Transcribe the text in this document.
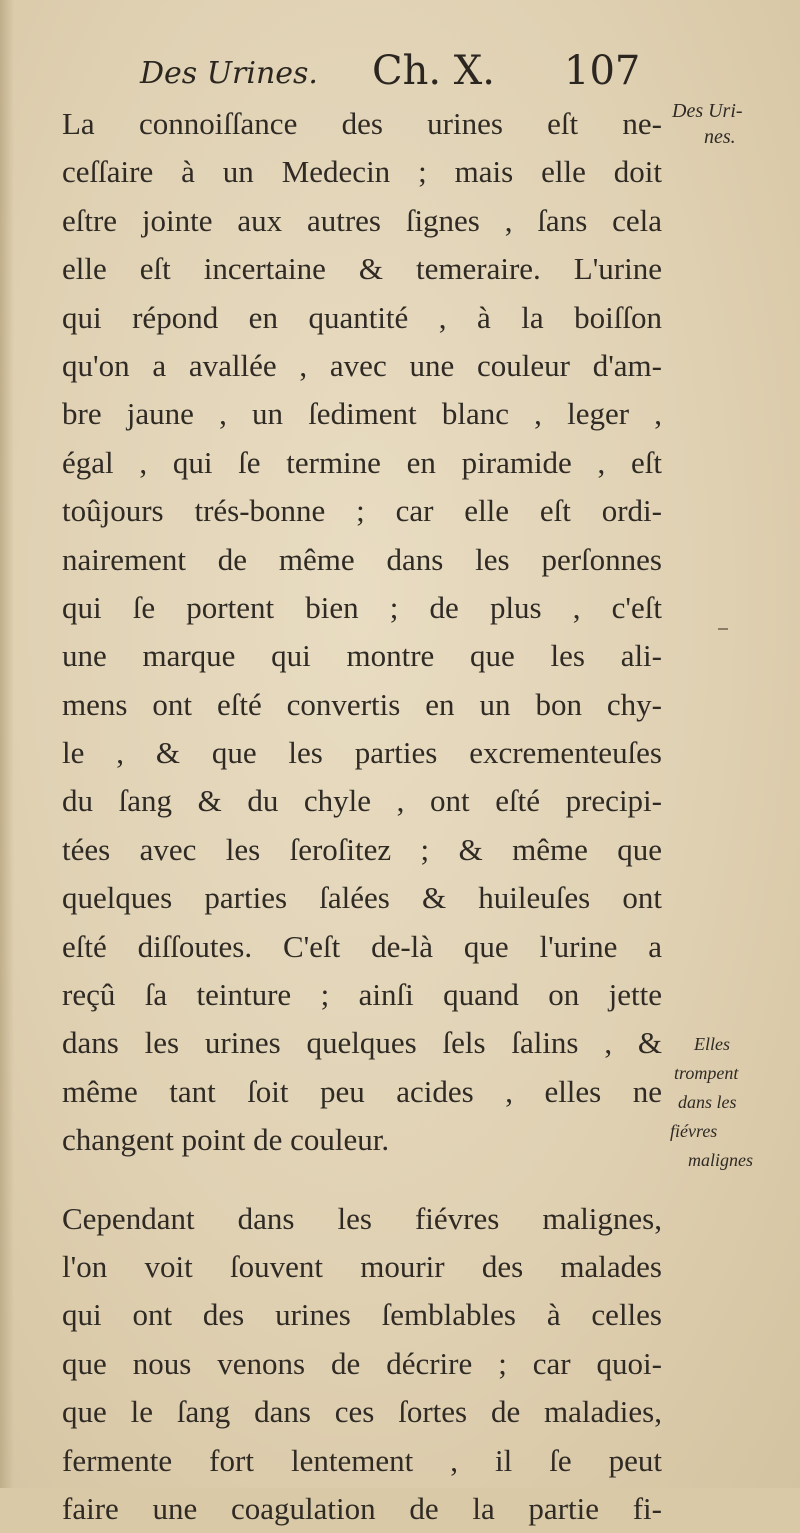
Des Urines. Ch. X. 107
Des Uri-
nes.
La connoiſſance des urines eſt ne-
ceſſaire à un Medecin ; mais elle doit
eſtre jointe aux autres ſignes , ſans cela
elle eſt incertaine & temeraire. L'urine
qui répond en quantité , à la boiſſon
qu'on a avallée , avec une couleur d'am-
bre jaune , un ſediment blanc , leger ,
égal , qui ſe termine en piramide , eſt
toûjours trés-bonne ; car elle eſt ordi-
nairement de même dans les perſonnes
qui ſe portent bien ; de plus , c'eſt
une marque qui montre que les ali-
mens ont eſté convertis en un bon chy-
le , & que les parties excrementeuſes
du ſang & du chyle , ont eſté precipi-
tées avec les ſeroſitez ; & même que
quelques parties ſalées & huileuſes ont
eſté diſſoutes. C'eſt de-là que l'urine a
reçû ſa teinture ; ainſi quand on jette
dans les urines quelques ſels ſalins , &
même tant ſoit peu acides , elles ne
changent point de couleur.
Cependant dans les fiévres malignes,
l'on voit ſouvent mourir des malades
qui ont des urines ſemblables à celles
que nous venons de décrire ; car quoi-
que le ſang dans ces ſortes de maladies,
fermente fort lentement , il ſe peut
faire une coagulation de la partie fi-
Elles
trompent
dans les
fiévres
malignes
